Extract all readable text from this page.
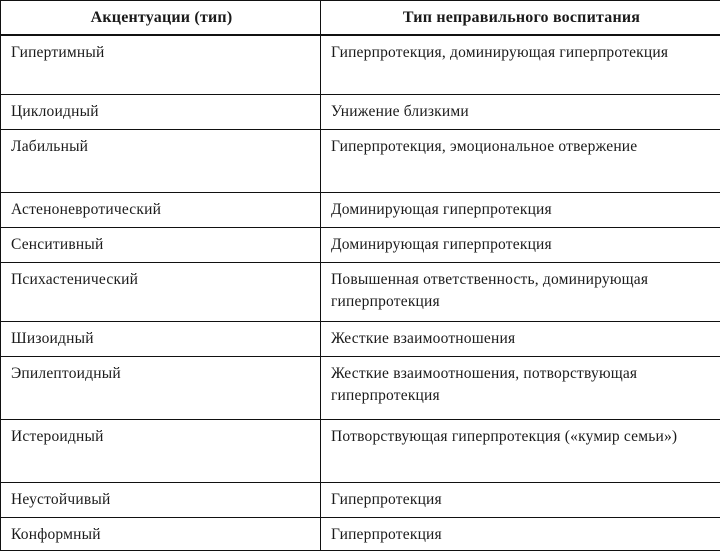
Акцентуации (тип)	Тип неправильного воспитания
Гипертимный	Гиперпротекция, доминирующая гиперпротекция
Циклоидный	Унижение близкими
Лабильный	Гиперпротекция, эмоциональное отвержение
Астеноневротический	Доминирующая гиперпротекция
Сенситивный	Доминирующая гиперпротекция
Психастенический	Повышенная ответственность, доминирующая гиперпротекция
Шизоидный	Жесткие взаимоотношения
Эпилептоидный	Жесткие взаимоотношения, потворствующая гиперпротекция
Истероидный	Потворствующая гиперпротекция («кумир семьи»)
Неустойчивый	Гиперпротекция
Конформный	Гиперпротекция
